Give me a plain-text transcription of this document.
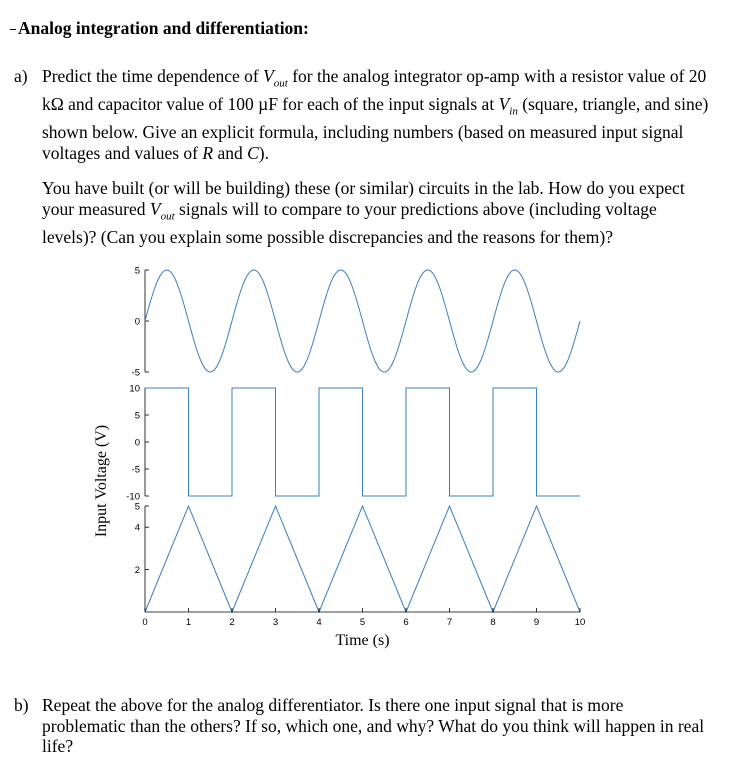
Analog integration and differentiation:
a) Predict the time dependence of $V_{out}$ for the analog integrator op-amp with a resistor value of 20
kΩ and capacitor value of 100 µF for each of the input signals at $V_{in}$ (square, triangle, and sine)
shown below. Give an explicit formula, including numbers (based on measured input signal
voltages and values of R and C).
You have built (or will be building) these (or similar) circuits in the lab. How do you expect
your measured $V_{out}$ signals will to compare to your predictions above (including voltage
levels)? (Can you explain some possible discrepancies and the reasons for them)?
5
0
-5
10
5
0
-5
-10
5
4
2
0	1	2	3	4	5	6	7	8	9	10
Time (s)
Input Voltage (V)
b) Repeat the above for the analog differentiator. Is there one input signal that is more
problematic than the others? If so, which one, and why? What do you think will happen in real
life?
